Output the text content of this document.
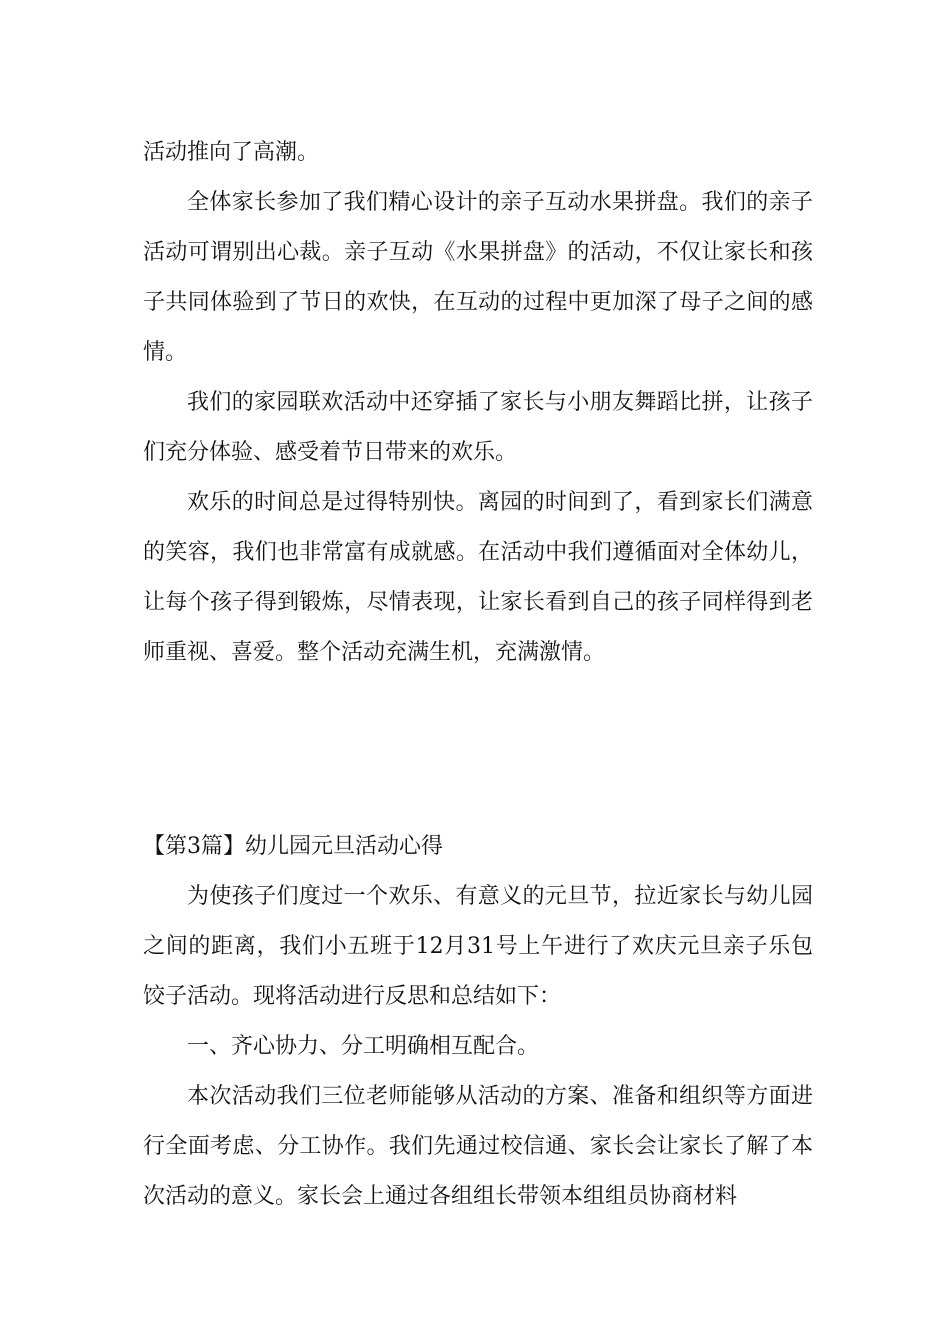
活动推向了高潮。

全体家长参加了我们精心设计的亲子互动水果拼盘。我们的亲子活动可谓别出心裁。亲子互动《水果拼盘》的活动，不仅让家长和孩子共同体验到了节日的欢快，在互动的过程中更加深了母子之间的感情。

我们的家园联欢活动中还穿插了家长与小朋友舞蹈比拼，让孩子们充分体验、感受着节日带来的欢乐。

欢乐的时间总是过得特别快。离园的时间到了，看到家长们满意的笑容，我们也非常富有成就感。在活动中我们遵循面对全体幼儿，让每个孩子得到锻炼，尽情表现，让家长看到自己的孩子同样得到老师重视、喜爱。整个活动充满生机，充满激情。

【第3篇】幼儿园元旦活动心得

为使孩子们度过一个欢乐、有意义的元旦节，拉近家长与幼儿园之间的距离，我们小五班于12月31号上午进行了欢庆元旦亲子乐包饺子活动。现将活动进行反思和总结如下：

一、齐心协力、分工明确相互配合。

本次活动我们三位老师能够从活动的方案、准备和组织等方面进行全面考虑、分工协作。我们先通过校信通、家长会让家长了解了本次活动的意义。家长会上通过各组组长带领本组组员协商材料
